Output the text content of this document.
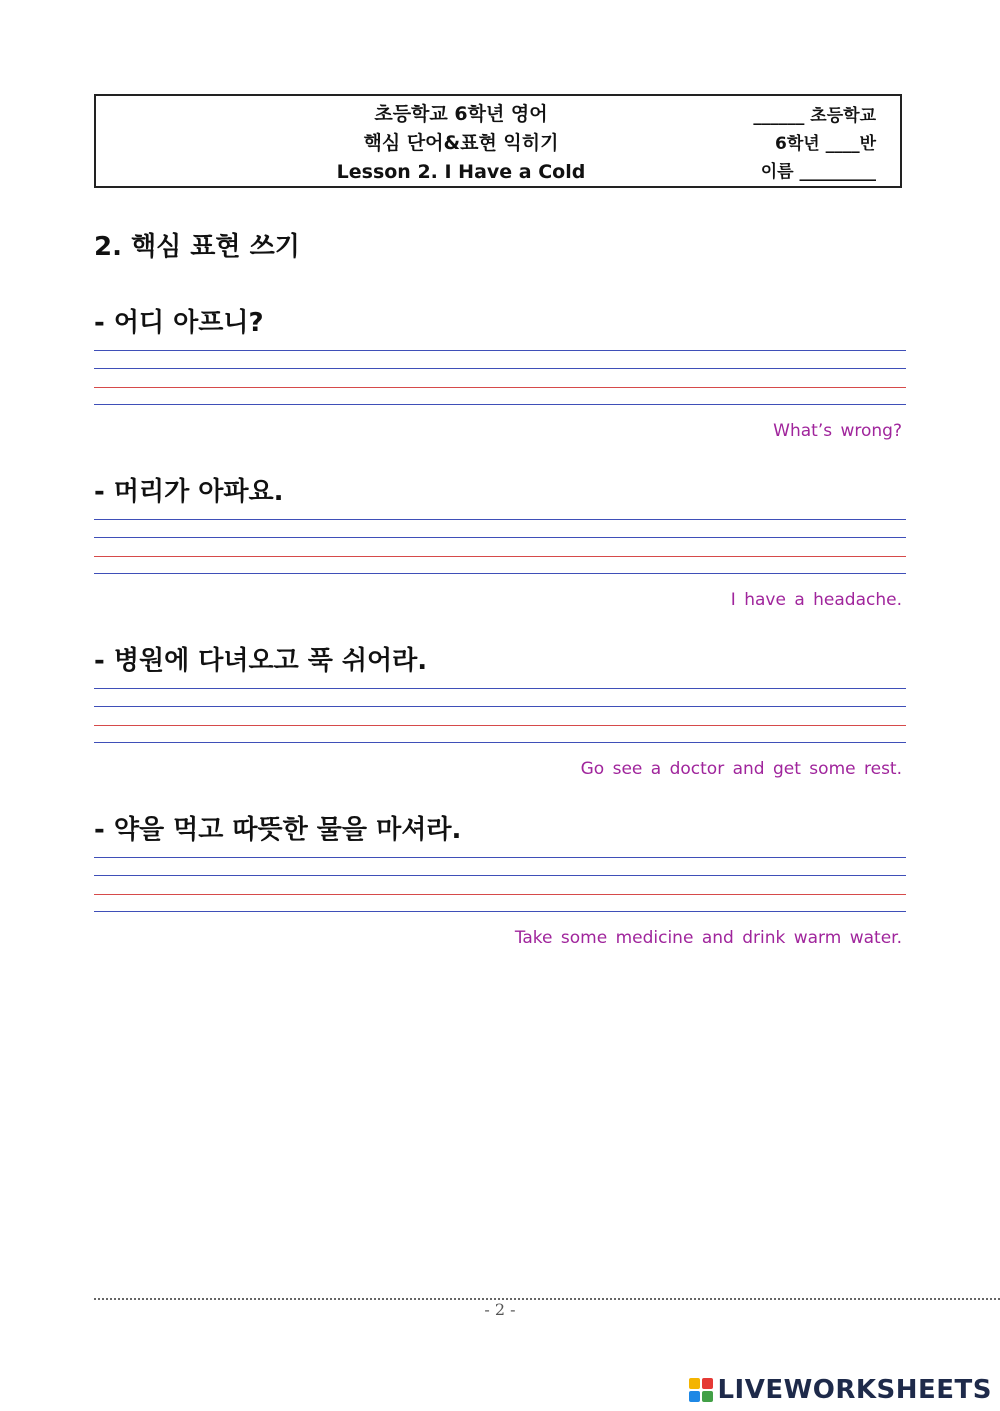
초등학교 6학년 영어
핵심 단어&표현 익히기
Lesson 2. I Have a Cold
______ 초등학교
6학년 ____반
이름 _________
2. 핵심 표현 쓰기
- 어디 아프니?
What’s wrong?
- 머리가 아파요.
I have a headache.
- 병원에 다녀오고 푹 쉬어라.
Go see a doctor and get some rest.
- 약을 먹고 따뜻한 물을 마셔라.
Take some medicine and drink warm water.
- 2 -
LIVEWORKSHEETS
